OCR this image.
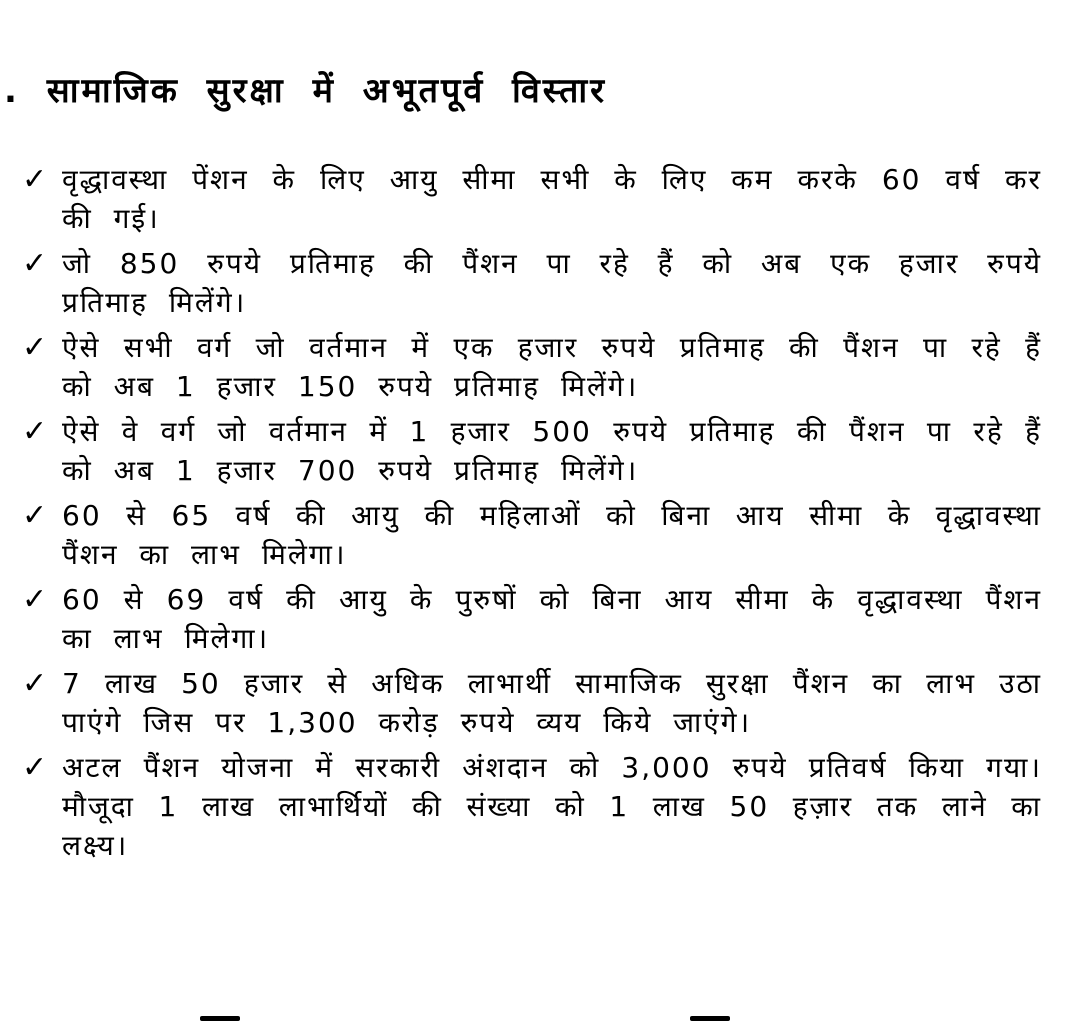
. सामाजिक सुरक्षा में अभूतपूर्व विस्तार
✓ वृद्धावस्था पेंशन के लिए आयु सीमा सभी के लिए कम करके 60 वर्ष कर की गई।
✓ जो 850 रुपये प्रतिमाह की पैंशन पा रहे हैं को अब एक हजार रुपये प्रतिमाह मिलेंगे।
✓ ऐसे सभी वर्ग जो वर्तमान में एक हजार रुपये प्रतिमाह की पैंशन पा रहे हैं को अब 1 हजार 150 रुपये प्रतिमाह मिलेंगे।
✓ ऐसे वे वर्ग जो वर्तमान में 1 हजार 500 रुपये प्रतिमाह की पैंशन पा रहे हैं को अब 1 हजार 700 रुपये प्रतिमाह मिलेंगे।
✓ 60 से 65 वर्ष की आयु की महिलाओं को बिना आय सीमा के वृद्धावस्था पैंशन का लाभ मिलेगा।
✓ 60 से 69 वर्ष की आयु के पुरुषों को बिना आय सीमा के वृद्धावस्था पैंशन का लाभ मिलेगा।
✓ 7 लाख 50 हजार से अधिक लाभार्थी सामाजिक सुरक्षा पैंशन का लाभ उठा पाएंगे जिस पर 1,300 करोड़ रुपये व्यय किये जाएंगे।
✓ अटल पैंशन योजना में सरकारी अंशदान को 3,000 रुपये प्रतिवर्ष किया गया। मौजूदा 1 लाख लाभार्थियों की संख्या को 1 लाख 50 हज़ार तक लाने का लक्ष्य।
